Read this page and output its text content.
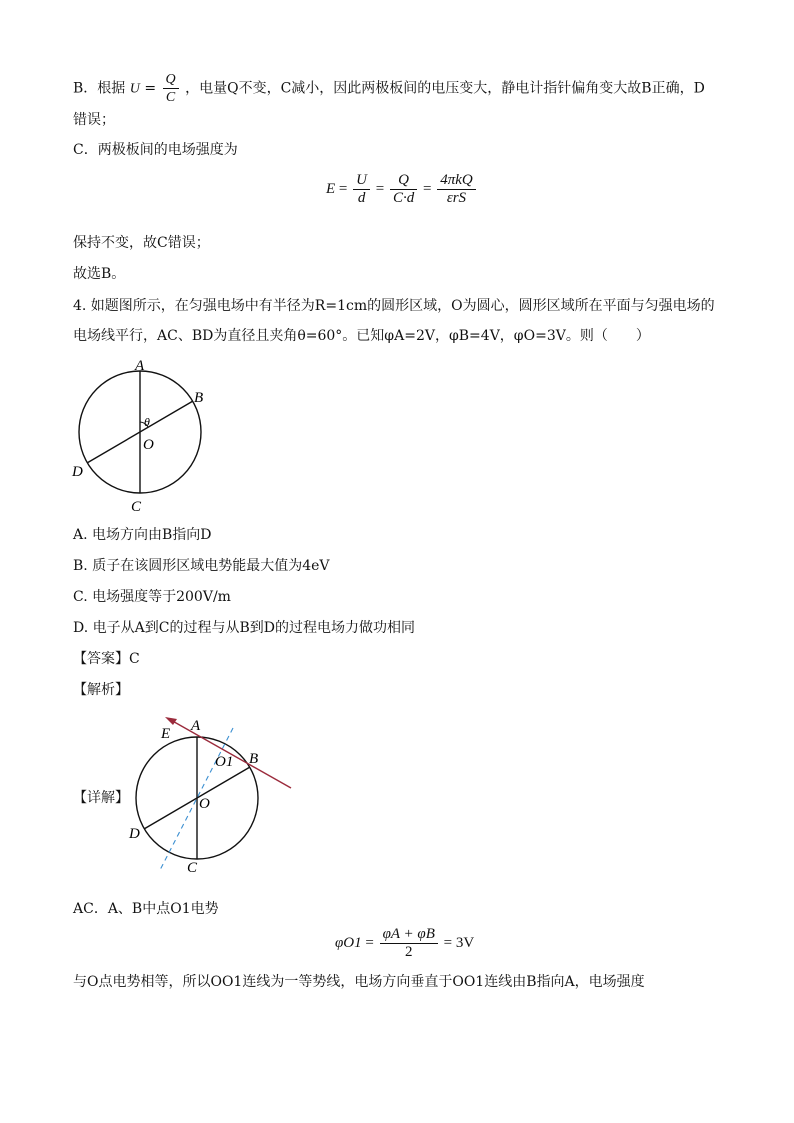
B．根据 $U = \frac{Q}{C}$ ，电量Q不变，C减小，因此两极板间的电压变大，静电计指针偏角变大故B正确，D
错误；
C．两极板间的电场强度为
$E = \frac{U}{d} = \frac{Q}{C\cdot d} = \frac{\text{4πkQ}}{\text{εrS}}$
保持不变，故C错误；
故选B。
4. 如题图所示，在匀强电场中有半径为R=1cm的圆形区域，O为圆心，圆形区域所在平面与匀强电场的
电场线平行，AC、BD为直径且夹角θ=60°。已知φA=2V，φB=4V，φO=3V。则（　　）
A
B
C
D
O
θ
A. 电场方向由B指向D
B. 质子在该圆形区域电势能最大值为4eV
C. 电场强度等于200V/m
D. 电子从A到C的过程与从B到D的过程电场力做功相同
【答案】C
【解析】
【详解】
A
E
B
C
D
O
O1
AC．A、B中点O1电势
$\varphi O1 = \frac{\varphi A + \varphi B}{2} = 3V$
与O点电势相等，所以OO1连线为一等势线，电场方向垂直于OO1连线由B指向A，电场强度
